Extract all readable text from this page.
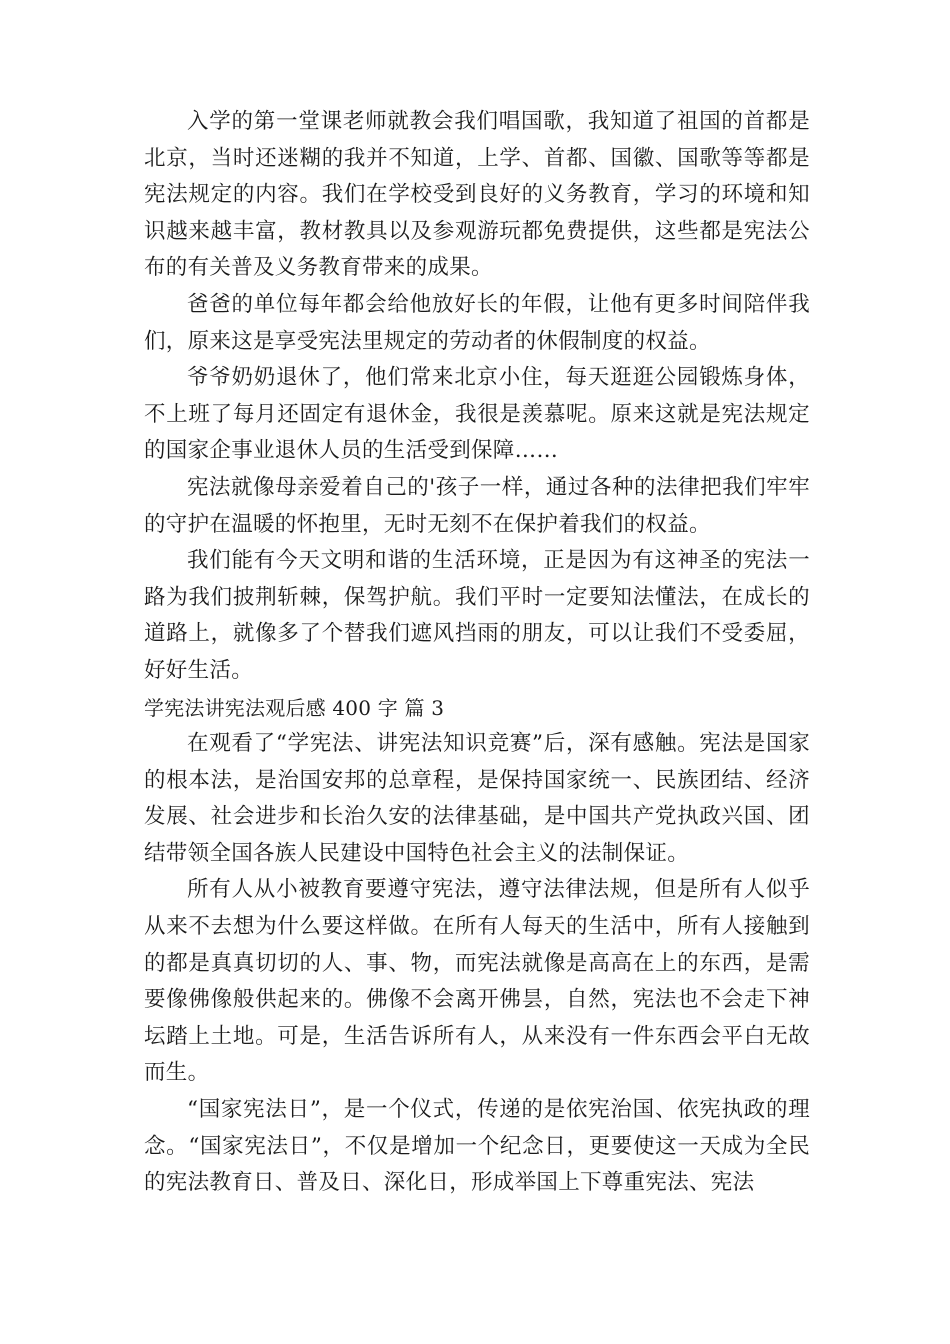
入学的第一堂课老师就教会我们唱国歌，我知道了祖国的首都是北京，当时还迷糊的我并不知道，上学、首都、国徽、国歌等等都是宪法规定的内容。我们在学校受到良好的义务教育，学习的环境和知识越来越丰富，教材教具以及参观游玩都免费提供，这些都是宪法公布的有关普及义务教育带来的成果。

爸爸的单位每年都会给他放好长的年假，让他有更多时间陪伴我们，原来这是享受宪法里规定的劳动者的休假制度的权益。

爷爷奶奶退休了，他们常来北京小住，每天逛逛公园锻炼身体，不上班了每月还固定有退休金，我很是羡慕呢。原来这就是宪法规定的国家企事业退休人员的生活受到保障……

宪法就像母亲爱着自己的'孩子一样，通过各种的法律把我们牢牢的守护在温暖的怀抱里，无时无刻不在保护着我们的权益。

我们能有今天文明和谐的生活环境，正是因为有这神圣的宪法一路为我们披荆斩棘，保驾护航。我们平时一定要知法懂法，在成长的道路上，就像多了个替我们遮风挡雨的朋友，可以让我们不受委屈，好好生活。

学宪法讲宪法观后感 400 字 篇 3

在观看了“学宪法、讲宪法知识竞赛”后，深有感触。宪法是国家的根本法，是治国安邦的总章程，是保持国家统一、民族团结、经济发展、社会进步和长治久安的法律基础，是中国共产党执政兴国、团结带领全国各族人民建设中国特色社会主义的法制保证。

所有人从小被教育要遵守宪法，遵守法律法规，但是所有人似乎从来不去想为什么要这样做。在所有人每天的生活中，所有人接触到的都是真真切切的人、事、物，而宪法就像是高高在上的东西，是需要像佛像般供起来的。佛像不会离开佛昙，自然，宪法也不会走下神坛踏上土地。可是，生活告诉所有人，从来没有一件东西会平白无故而生。

“国家宪法日”，是一个仪式，传递的是依宪治国、依宪执政的理念。“国家宪法日”，不仅是增加一个纪念日，更要使这一天成为全民的宪法教育日、普及日、深化日，形成举国上下尊重宪法、宪法
